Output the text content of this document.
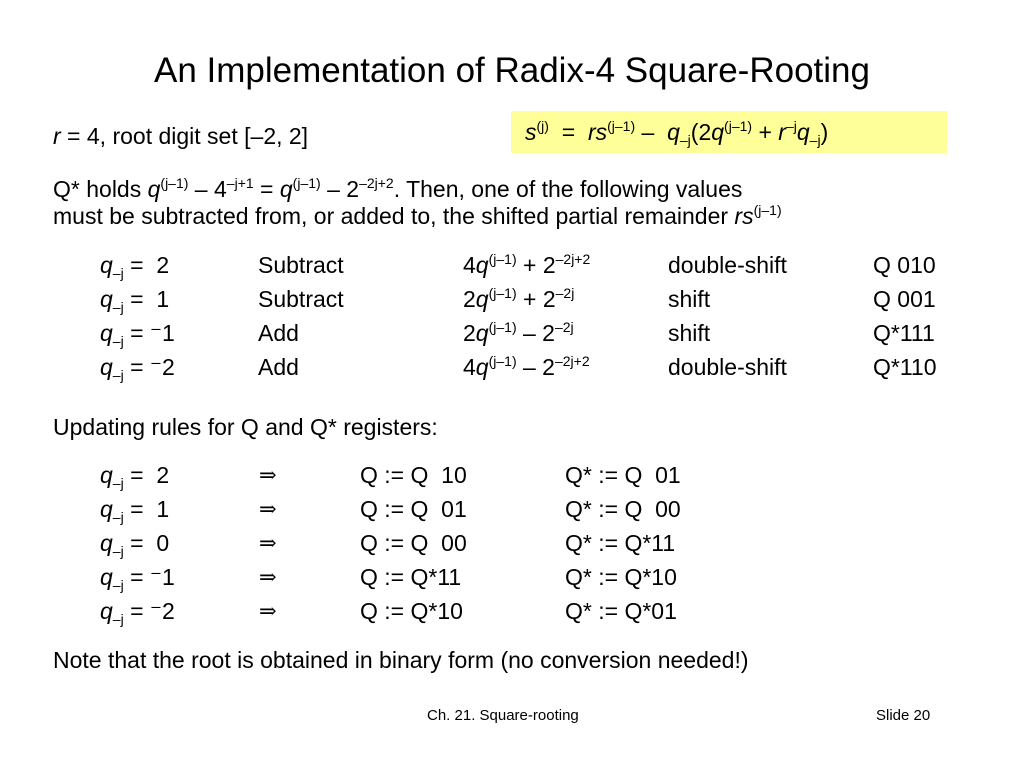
An Implementation of Radix-4 Square-Rooting
r = 4, root digit set [–2, 2]	$s^{(j)} = rs^{(j-1)} - q_{-j}(2q^{(j-1)} + r^{-j}q_{-j})$
Q* holds $q^{(j-1)} - 4^{-j+1} = q^{(j-1)} - 2^{-2j+2}$. Then, one of the following values
must be subtracted from, or added to, the shifted partial remainder $rs^{(j-1)}$
$q_{-j} = 2$	Subtract	$4q^{(j-1)} + 2^{-2j+2}$	double-shift	Q 010
$q_{-j} = 1$	Subtract	$2q^{(j-1)} + 2^{-2j}$	shift	Q 001
$q_{-j} = ^-1$	Add	$2q^{(j-1)} - 2^{-2j}$	shift	Q*111
$q_{-j} = ^-2$	Add	$4q^{(j-1)} - 2^{-2j+2}$	double-shift	Q*110
Updating rules for Q and Q* registers:
$q_{-j} = 2$	⇒	Q := Q  10	Q* := Q  01
$q_{-j} = 1$	⇒	Q := Q  01	Q* := Q  00
$q_{-j} = 0$	⇒	Q := Q  00	Q* := Q*11
$q_{-j} = ^-1$	⇒	Q := Q*11	Q* := Q*10
$q_{-j} = ^-2$	⇒	Q := Q*10	Q* := Q*01
Note that the root is obtained in binary form (no conversion needed!)
Ch. 21. Square-rooting	Slide 20
